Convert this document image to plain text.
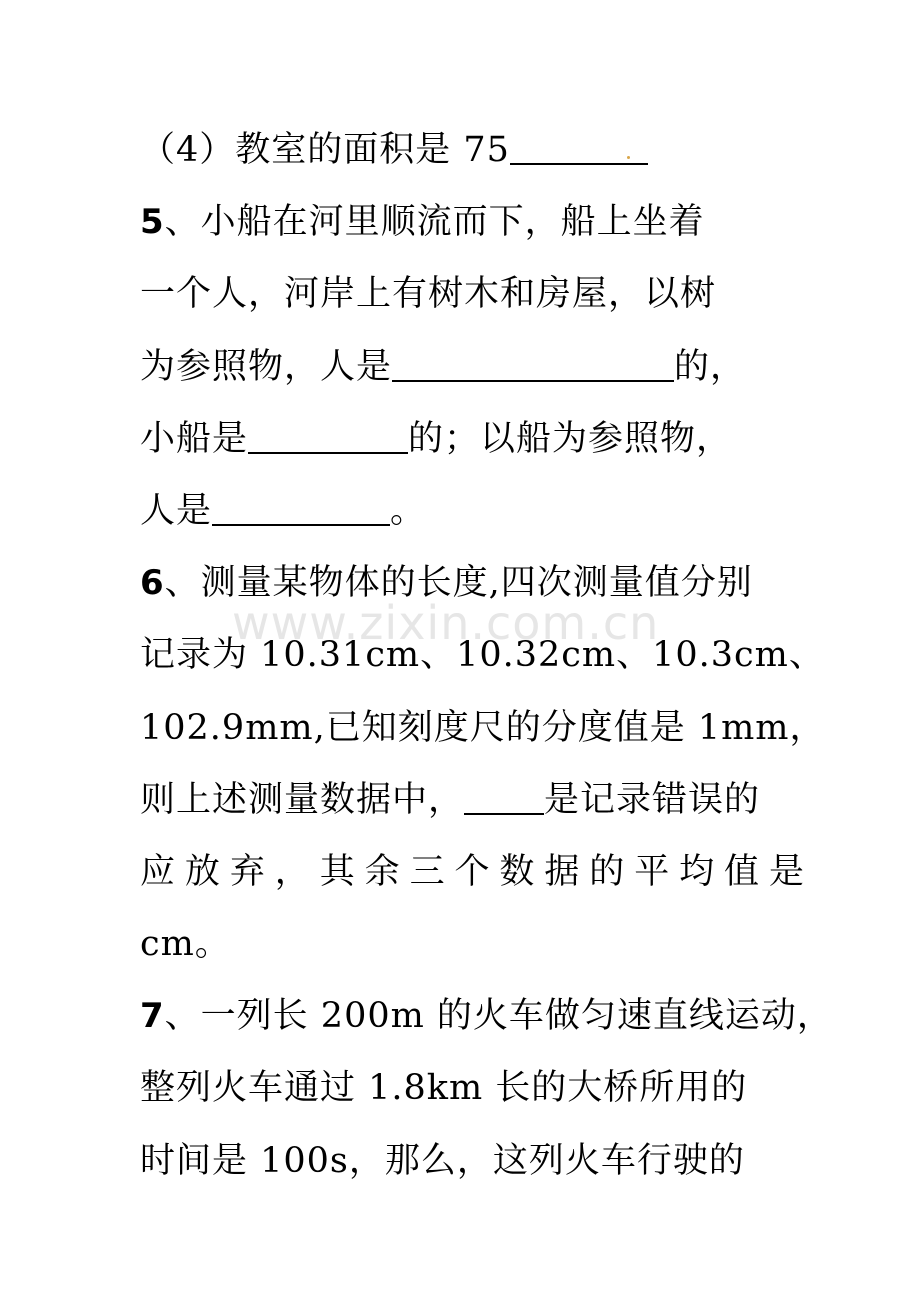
www.zixin.com.cn
（4）教室的面积是 75
5、小船在河里顺流而下，船上坐着
一个人，河岸上有树木和房屋，以树
为参照物，人是	的，
小船是	的；以船为参照物，
人是	。
6、测量某物体的长度,四次测量值分别
记录为 10.31cm、10.32cm、10.3cm、
102.9mm,已知刻度尺的分度值是 1mm，
则上述测量数据中， 是记录错误的
应放弃，其余三个数据的平均值是
cm。
7、一列长 200m 的火车做匀速直线运动，
整列火车通过 1.8km 长的大桥所用的
时间是 100s，那么，这列火车行驶的
